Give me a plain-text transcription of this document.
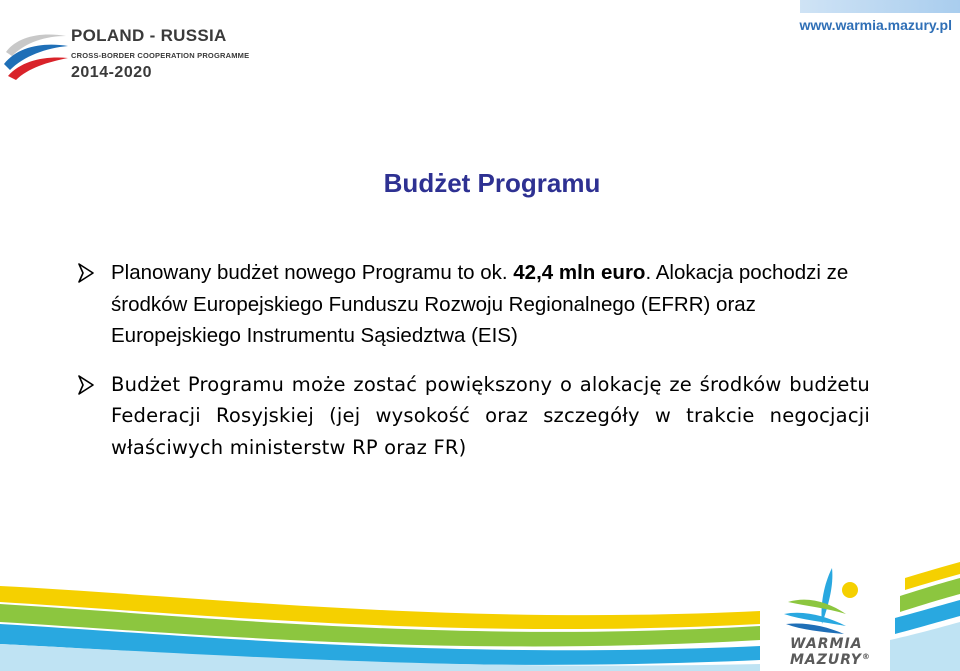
POLAND - RUSSIA
CROSS-BORDER COOPERATION PROGRAMME
2014-2020
www.warmia.mazury.pl
Budżet Programu
Planowany budżet nowego Programu to ok. 42,4 mln euro. Alokacja pochodzi ze środków Europejskiego Funduszu Rozwoju Regionalnego (EFRR) oraz Europejskiego Instrumentu Sąsiedztwa (EIS)
Budżet Programu może zostać powiększony o alokację ze środków budżetu Federacji Rosyjskiej (jej wysokość oraz szczegóły w trakcie negocjacji właściwych ministerstw RP oraz FR)
WARMIA
MAZURY®
